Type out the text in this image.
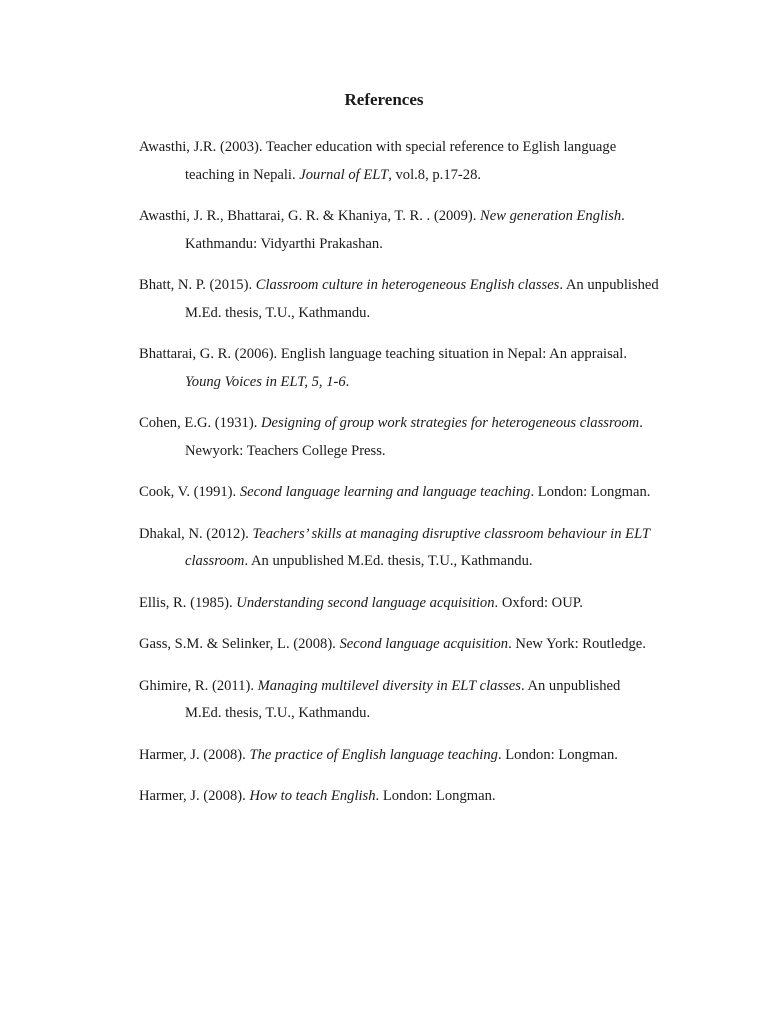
References
Awasthi, J.R. (2003). Teacher education with special reference to Eglish language teaching in Nepali. Journal of ELT, vol.8, p.17-28.
Awasthi, J. R., Bhattarai, G. R. & Khaniya, T. R. . (2009). New generation English. Kathmandu: Vidyarthi Prakashan.
Bhatt, N. P. (2015). Classroom culture in heterogeneous English classes. An unpublished M.Ed. thesis, T.U., Kathmandu.
Bhattarai, G. R. (2006). English language teaching situation in Nepal: An appraisal. Young Voices in ELT, 5, 1-6.
Cohen, E.G. (1931). Designing of group work strategies for heterogeneous classroom. Newyork: Teachers College Press.
Cook, V. (1991). Second language learning and language teaching. London: Longman.
Dhakal, N. (2012). Teachers’ skills at managing disruptive classroom behaviour in ELT classroom. An unpublished M.Ed. thesis, T.U., Kathmandu.
Ellis, R. (1985). Understanding second language acquisition. Oxford: OUP.
Gass, S.M. & Selinker, L. (2008). Second language acquisition. New York: Routledge.
Ghimire, R. (2011). Managing multilevel diversity in ELT classes. An unpublished M.Ed. thesis, T.U., Kathmandu.
Harmer, J. (2008). The practice of English language teaching. London: Longman.
Harmer, J. (2008). How to teach English. London: Longman.
